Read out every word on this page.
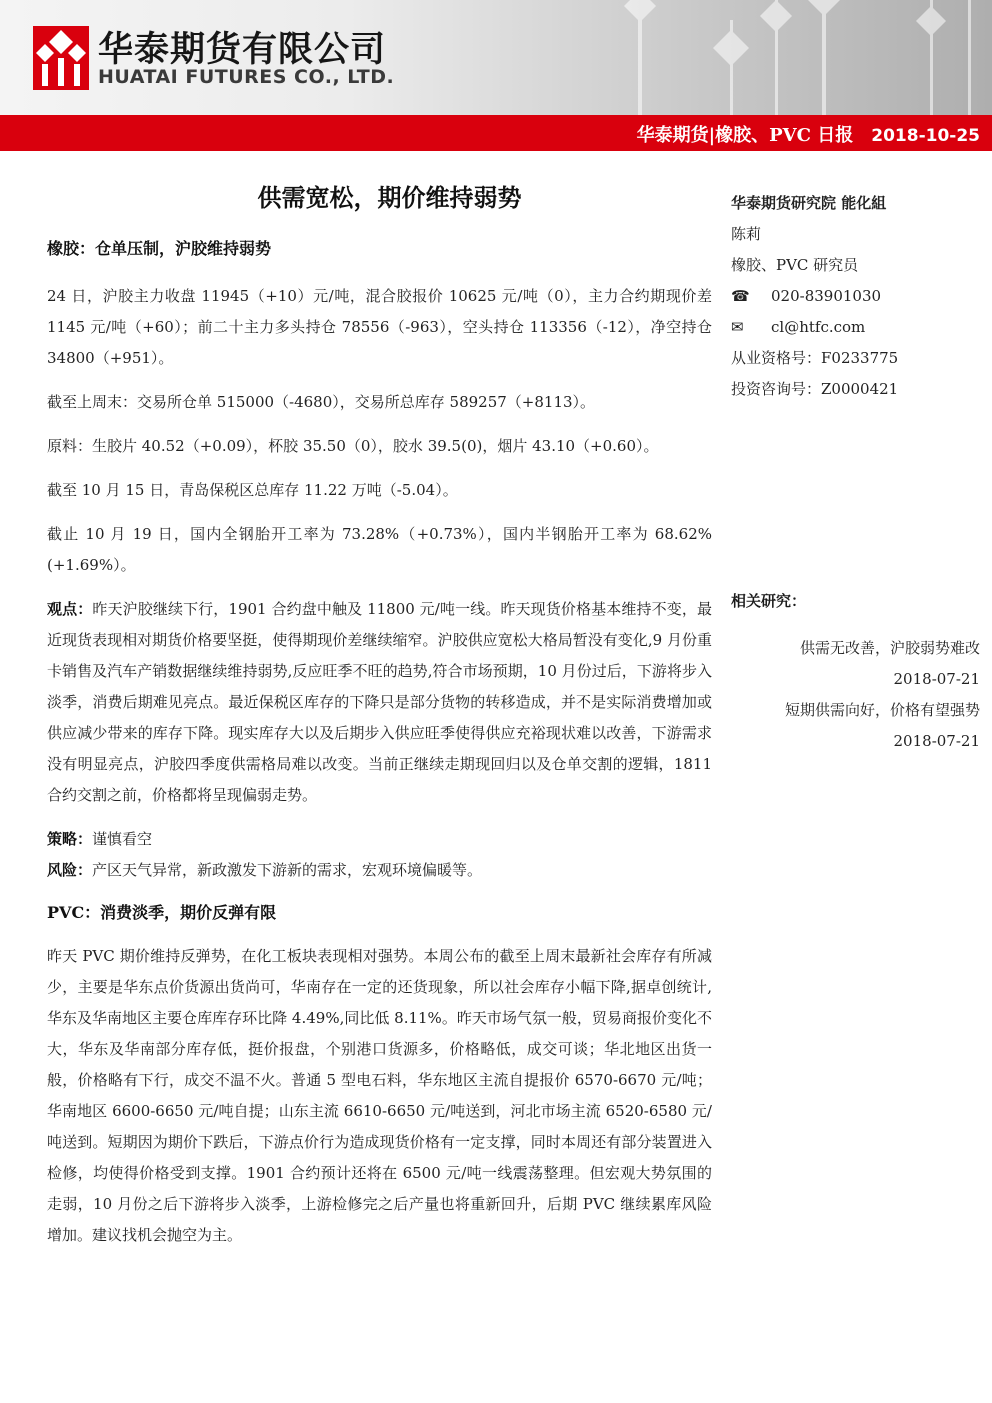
华泰期货有限公司
HUATAI FUTURES CO., LTD.
华泰期货|橡胶、PVC 日报 2018-10-25
供需宽松，期价维持弱势

橡胶：仓单压制，沪胶维持弱势

24 日，沪胶主力收盘 11945（+10）元/吨，混合胶报价 10625 元/吨（0），主力合约期现价差 1145 元/吨（+60）；前二十主力多头持仓 78556（-963），空头持仓 113356（-12），净空持仓 34800（+951）。

截至上周末：交易所仓单 515000（-4680），交易所总库存 589257（+8113）。

原料：生胶片 40.52（+0.09），杯胶 35.50（0），胶水 39.5(0)，烟片 43.10（+0.60）。

截至 10 月 15 日，青岛保税区总库存 11.22 万吨（-5.04）。

截止 10 月 19 日，国内全钢胎开工率为 73.28%（+0.73%），国内半钢胎开工率为 68.62%(+1.69%）。

观点：昨天沪胶继续下行，1901 合约盘中触及 11800 元/吨一线。昨天现货价格基本维持不变，最近现货表现相对期货价格要坚挺，使得期现价差继续缩窄。沪胶供应宽松大格局暂没有变化,9 月份重卡销售及汽车产销数据继续维持弱势,反应旺季不旺的趋势,符合市场预期，10 月份过后，下游将步入淡季，消费后期难见亮点。最近保税区库存的下降只是部分货物的转移造成，并不是实际消费增加或供应减少带来的库存下降。现实库存大以及后期步入供应旺季使得供应充裕现状难以改善，下游需求没有明显亮点，沪胶四季度供需格局难以改变。当前正继续走期现回归以及仓单交割的逻辑，1811 合约交割之前，价格都将呈现偏弱走势。

策略：谨慎看空

风险：产区天气异常，新政激发下游新的需求，宏观环境偏暖等。

PVC：消费淡季，期价反弹有限

昨天 PVC 期价维持反弹势，在化工板块表现相对强势。本周公布的截至上周末最新社会库存有所减少，主要是华东点价货源出货尚可，华南存在一定的还货现象，所以社会库存小幅下降,据卓创统计,华东及华南地区主要仓库库存环比降 4.49%,同比低 8.11%。昨天市场气氛一般，贸易商报价变化不大，华东及华南部分库存低，挺价报盘，个别港口货源多，价格略低，成交可谈；华北地区出货一般，价格略有下行，成交不温不火。普通 5 型电石料，华东地区主流自提报价 6570-6670 元/吨；华南地区 6600-6650 元/吨自提；山东主流 6610-6650 元/吨送到，河北市场主流 6520-6580 元/吨送到。短期因为期价下跌后，下游点价行为造成现货价格有一定支撑，同时本周还有部分装置进入检修，均使得价格受到支撑。1901 合约预计还将在 6500 元/吨一线震荡整理。但宏观大势氛围的走弱，10 月份之后下游将步入淡季，上游检修完之后产量也将重新回升，后期 PVC 继续累库风险增加。建议找机会抛空为主。

华泰期货研究院 能化組
陈莉
橡胶、PVC 研究员
☎ 020-83901030
✉ cl@htfc.com
从业资格号：F0233775
投资咨询号：Z0000421
相关研究：
供需无改善，沪胶弱势难改
2018-07-21
短期供需向好，价格有望强势
2018-07-21
